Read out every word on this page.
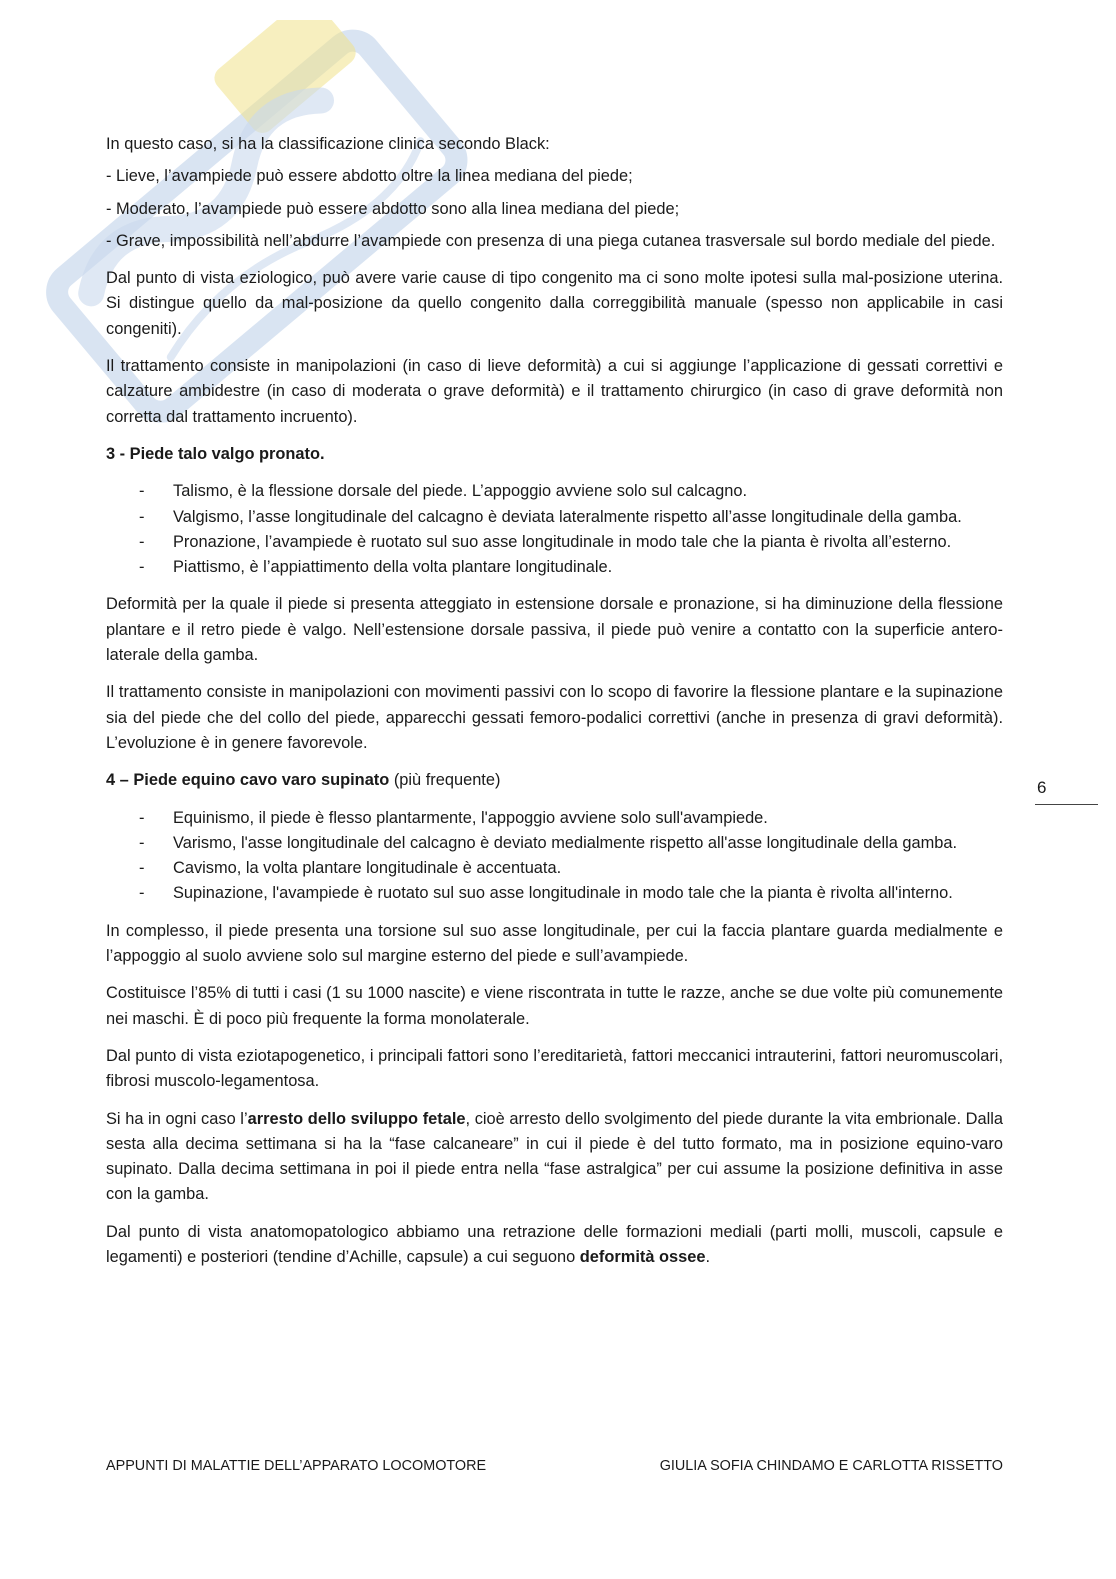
In questo caso, si ha la classificazione clinica secondo Black:

- Lieve, l’avampiede può essere abdotto oltre la linea mediana del piede;

- Moderato, l’avampiede può essere abdotto sono alla linea mediana del piede;

- Grave, impossibilità nell’abdurre l’avampiede con presenza di una piega cutanea trasversale sul bordo mediale del piede.

Dal punto di vista eziologico, può avere varie cause di tipo congenito ma ci sono molte ipotesi sulla mal-posizione uterina. Si distingue quello da mal-posizione da quello congenito dalla correggibilità manuale (spesso non applicabile in casi congeniti).

Il trattamento consiste in manipolazioni (in caso di lieve deformità) a cui si aggiunge l’applicazione di gessati correttivi e calzature ambidestre (in caso di moderata o grave deformità) e il trattamento chirurgico (in caso di grave deformità non corretta dal trattamento incruento).

3 - Piede talo valgo pronato.

- Talismo, è la flessione dorsale del piede. L’appoggio avviene solo sul calcagno.
- Valgismo, l’asse longitudinale del calcagno è deviata lateralmente rispetto all’asse longitudinale della gamba.
- Pronazione, l’avampiede è ruotato sul suo asse longitudinale in modo tale che la pianta è rivolta all’esterno.
- Piattismo, è l’appiattimento della volta plantare longitudinale.

Deformità per la quale il piede si presenta atteggiato in estensione dorsale e pronazione, si ha diminuzione della flessione plantare e il retro piede è valgo. Nell’estensione dorsale passiva, il piede può venire a contatto con la superficie antero-laterale della gamba.

Il trattamento consiste in manipolazioni con movimenti passivi con lo scopo di favorire la flessione plantare e la supinazione sia del piede che del collo del piede, apparecchi gessati femoro-podalici correttivi (anche in presenza di gravi deformità). L’evoluzione è in genere favorevole.

4 – Piede equino cavo varo supinato (più frequente)

- Equinismo, il piede è flesso plantarmente, l'appoggio avviene solo sull'avampiede.
- Varismo, l'asse longitudinale del calcagno è deviato medialmente rispetto all'asse longitudinale della gamba.
- Cavismo, la volta plantare longitudinale è accentuata.
- Supinazione, l'avampiede è ruotato sul suo asse longitudinale in modo tale che la pianta è rivolta all'interno.

In complesso, il piede presenta una torsione sul suo asse longitudinale, per cui la faccia plantare guarda medialmente e l’appoggio al suolo avviene solo sul margine esterno del piede e sull’avampiede.

Costituisce l’85% di tutti i casi (1 su 1000 nascite) e viene riscontrata in tutte le razze, anche se due volte più comunemente nei maschi. È di poco più frequente la forma monolaterale.

Dal punto di vista eziotapogenetico, i principali fattori sono l’ereditarietà, fattori meccanici intrauterini, fattori neuromuscolari, fibrosi muscolo-legamentosa.

Si ha in ogni caso l’arresto dello sviluppo fetale, cioè arresto dello svolgimento del piede durante la vita embrionale. Dalla sesta alla decima settimana si ha la “fase calcaneare” in cui il piede è del tutto formato, ma in posizione equino-varo supinato. Dalla decima settimana in poi il piede entra nella “fase astralgica” per cui assume la posizione definitiva in asse con la gamba.

Dal punto di vista anatomopatologico abbiamo una retrazione delle formazioni mediali (parti molli, muscoli, capsule e legamenti) e posteriori (tendine d’Achille, capsule) a cui seguono deformità ossee.

6
APPUNTI DI MALATTIE DELL’APPARATO LOCOMOTORE	GIULIA SOFIA CHINDAMO E CARLOTTA RISSETTO
